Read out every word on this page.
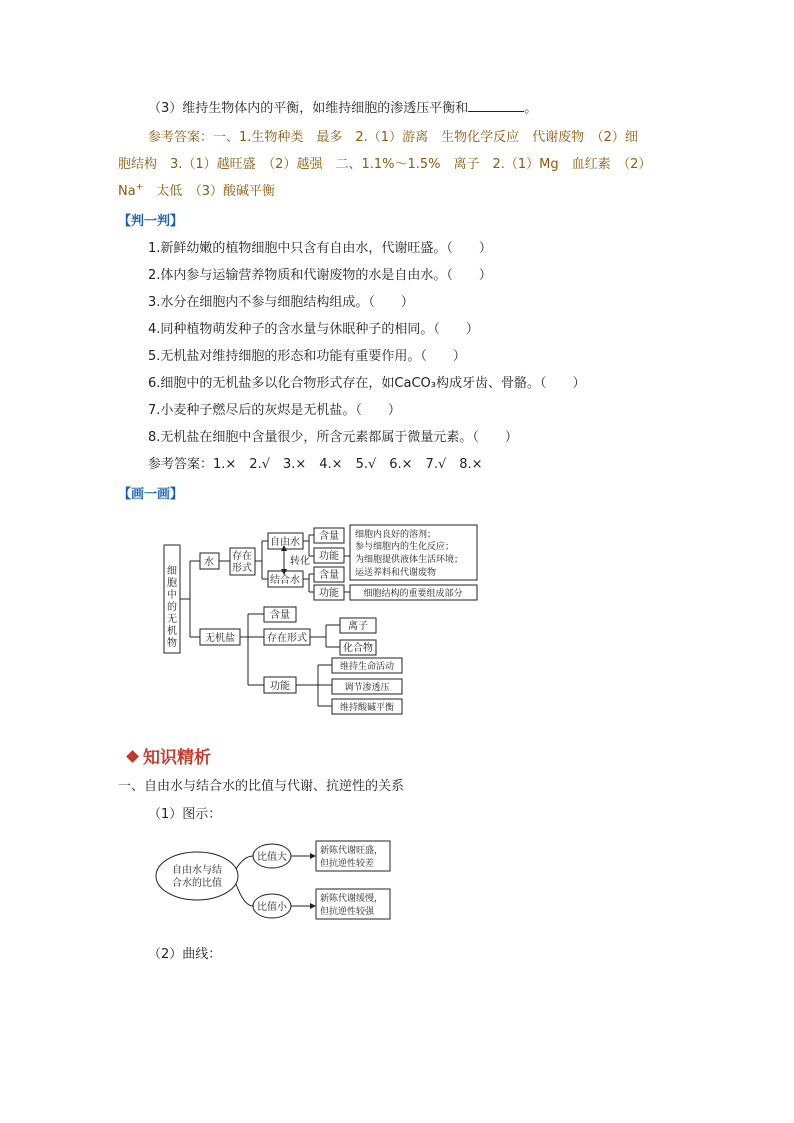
（3）维持生物体内的平衡，如维持细胞的渗透压平衡和	。
参考答案：一、1.生物种类　最多　2.（1）游离　生物化学反应　代谢废物　（2）细
胞结构　3.（1）越旺盛　（2）越强　二、1.1%～1.5%　离子　2.（1）Mg　血红素　（2）
Na+　太低　（3）酸碱平衡
【判一判】
1.新鲜幼嫩的植物细胞中只含有自由水，代谢旺盛。（　　）
2.体内参与运输营养物质和代谢废物的水是自由水。（　　）
3.水分在细胞内不参与细胞结构组成。（　　）
4.同种植物萌发种子的含水量与休眠种子的相同。（　　）
5.无机盐对维持细胞的形态和功能有重要作用。（　　）
6.细胞中的无机盐多以化合物形式存在，如CaCO₃构成牙齿、骨骼。（　　）
7.小麦种子燃尽后的灰烬是无机盐。（　　）
8.无机盐在细胞中含量很少，所含元素都属于微量元素。（　　）
参考答案：1.×　2.√　3.×　4.×　5.√　6.×　7.√　8.×
【画一画】
细
胞
中
的
无
机
物
水
存在
形式
自由水
转化
结合水
含量
功能
含量
功能
细胞内良好的溶剂；
参与细胞内的生化反应；
为细胞提供液体生活环境；
运送养料和代谢废物
细胞结构的重要组成部分
无机盐
含量
存在形式
离子
化合物
功能
维持生命活动
调节渗透压
维持酸碱平衡
自由水与结
合水的比值
比值大
比值小
新陈代谢旺盛，
但抗逆性较差
新陈代谢缓慢，
但抗逆性较强
知识精析
一、自由水与结合水的比值与代谢、抗逆性的关系
（1）图示：
（2）曲线：
